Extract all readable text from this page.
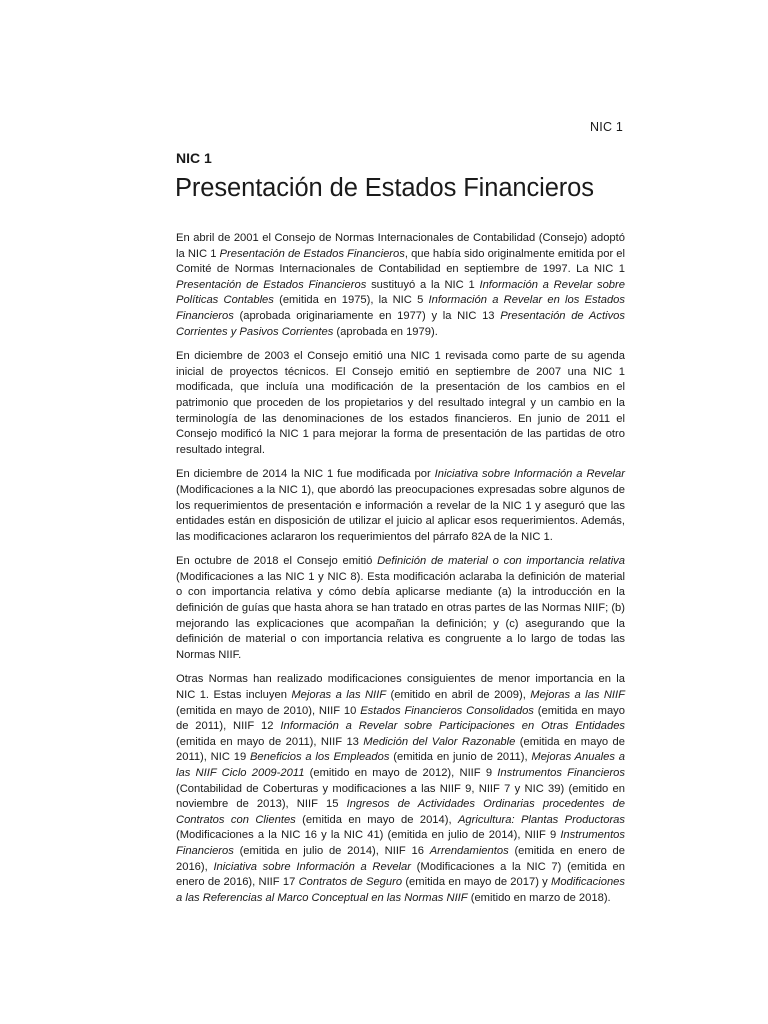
NIC 1
NIC 1
Presentación de Estados Financieros

En abril de 2001 el Consejo de Normas Internacionales de Contabilidad (Consejo) adoptó la NIC 1 Presentación de Estados Financieros, que había sido originalmente emitida por el Comité de Normas Internacionales de Contabilidad en septiembre de 1997. La NIC 1 Presentación de Estados Financieros sustituyó a la NIC 1 Información a Revelar sobre Políticas Contables (emitida en 1975), la NIC 5 Información a Revelar en los Estados Financieros (aprobada originariamente en 1977) y la NIC 13 Presentación de Activos Corrientes y Pasivos Corrientes (aprobada en 1979).

En diciembre de 2003 el Consejo emitió una NIC 1 revisada como parte de su agenda inicial de proyectos técnicos. El Consejo emitió en septiembre de 2007 una NIC 1 modificada, que incluía una modificación de la presentación de los cambios en el patrimonio que proceden de los propietarios y del resultado integral y un cambio en la terminología de las denominaciones de los estados financieros. En junio de 2011 el Consejo modificó la NIC 1 para mejorar la forma de presentación de las partidas de otro resultado integral.

En diciembre de 2014 la NIC 1 fue modificada por Iniciativa sobre Información a Revelar (Modificaciones a la NIC 1), que abordó las preocupaciones expresadas sobre algunos de los requerimientos de presentación e información a revelar de la NIC 1 y aseguró que las entidades están en disposición de utilizar el juicio al aplicar esos requerimientos. Además, las modificaciones aclararon los requerimientos del párrafo 82A de la NIC 1.

En octubre de 2018 el Consejo emitió Definición de material o con importancia relativa (Modificaciones a las NIC 1 y NIC 8). Esta modificación aclaraba la definición de material o con importancia relativa y cómo debía aplicarse mediante (a) la introducción en la definición de guías que hasta ahora se han tratado en otras partes de las Normas NIIF; (b) mejorando las explicaciones que acompañan la definición; y (c) asegurando que la definición de material o con importancia relativa es congruente a lo largo de todas las Normas NIIF.

Otras Normas han realizado modificaciones consiguientes de menor importancia en la NIC 1. Estas incluyen Mejoras a las NIIF (emitido en abril de 2009), Mejoras a las NIIF (emitida en mayo de 2010), NIIF 10 Estados Financieros Consolidados (emitida en mayo de 2011), NIIF 12 Información a Revelar sobre Participaciones en Otras Entidades (emitida en mayo de 2011), NIIF 13 Medición del Valor Razonable (emitida en mayo de 2011), NIC 19 Beneficios a los Empleados (emitida en junio de 2011), Mejoras Anuales a las NIIF Ciclo 2009-2011 (emitido en mayo de 2012), NIIF 9 Instrumentos Financieros (Contabilidad de Coberturas y modificaciones a las NIIF 9, NIIF 7 y NIC 39) (emitido en noviembre de 2013), NIIF 15 Ingresos de Actividades Ordinarias procedentes de Contratos con Clientes (emitida en mayo de 2014), Agricultura: Plantas Productoras (Modificaciones a la NIC 16 y la NIC 41) (emitida en julio de 2014), NIIF 9 Instrumentos Financieros (emitida en julio de 2014), NIIF 16 Arrendamientos (emitida en enero de 2016), Iniciativa sobre Información a Revelar (Modificaciones a la NIC 7) (emitida en enero de 2016), NIIF 17 Contratos de Seguro (emitida en mayo de 2017) y Modificaciones a las Referencias al Marco Conceptual en las Normas NIIF (emitido en marzo de 2018).
